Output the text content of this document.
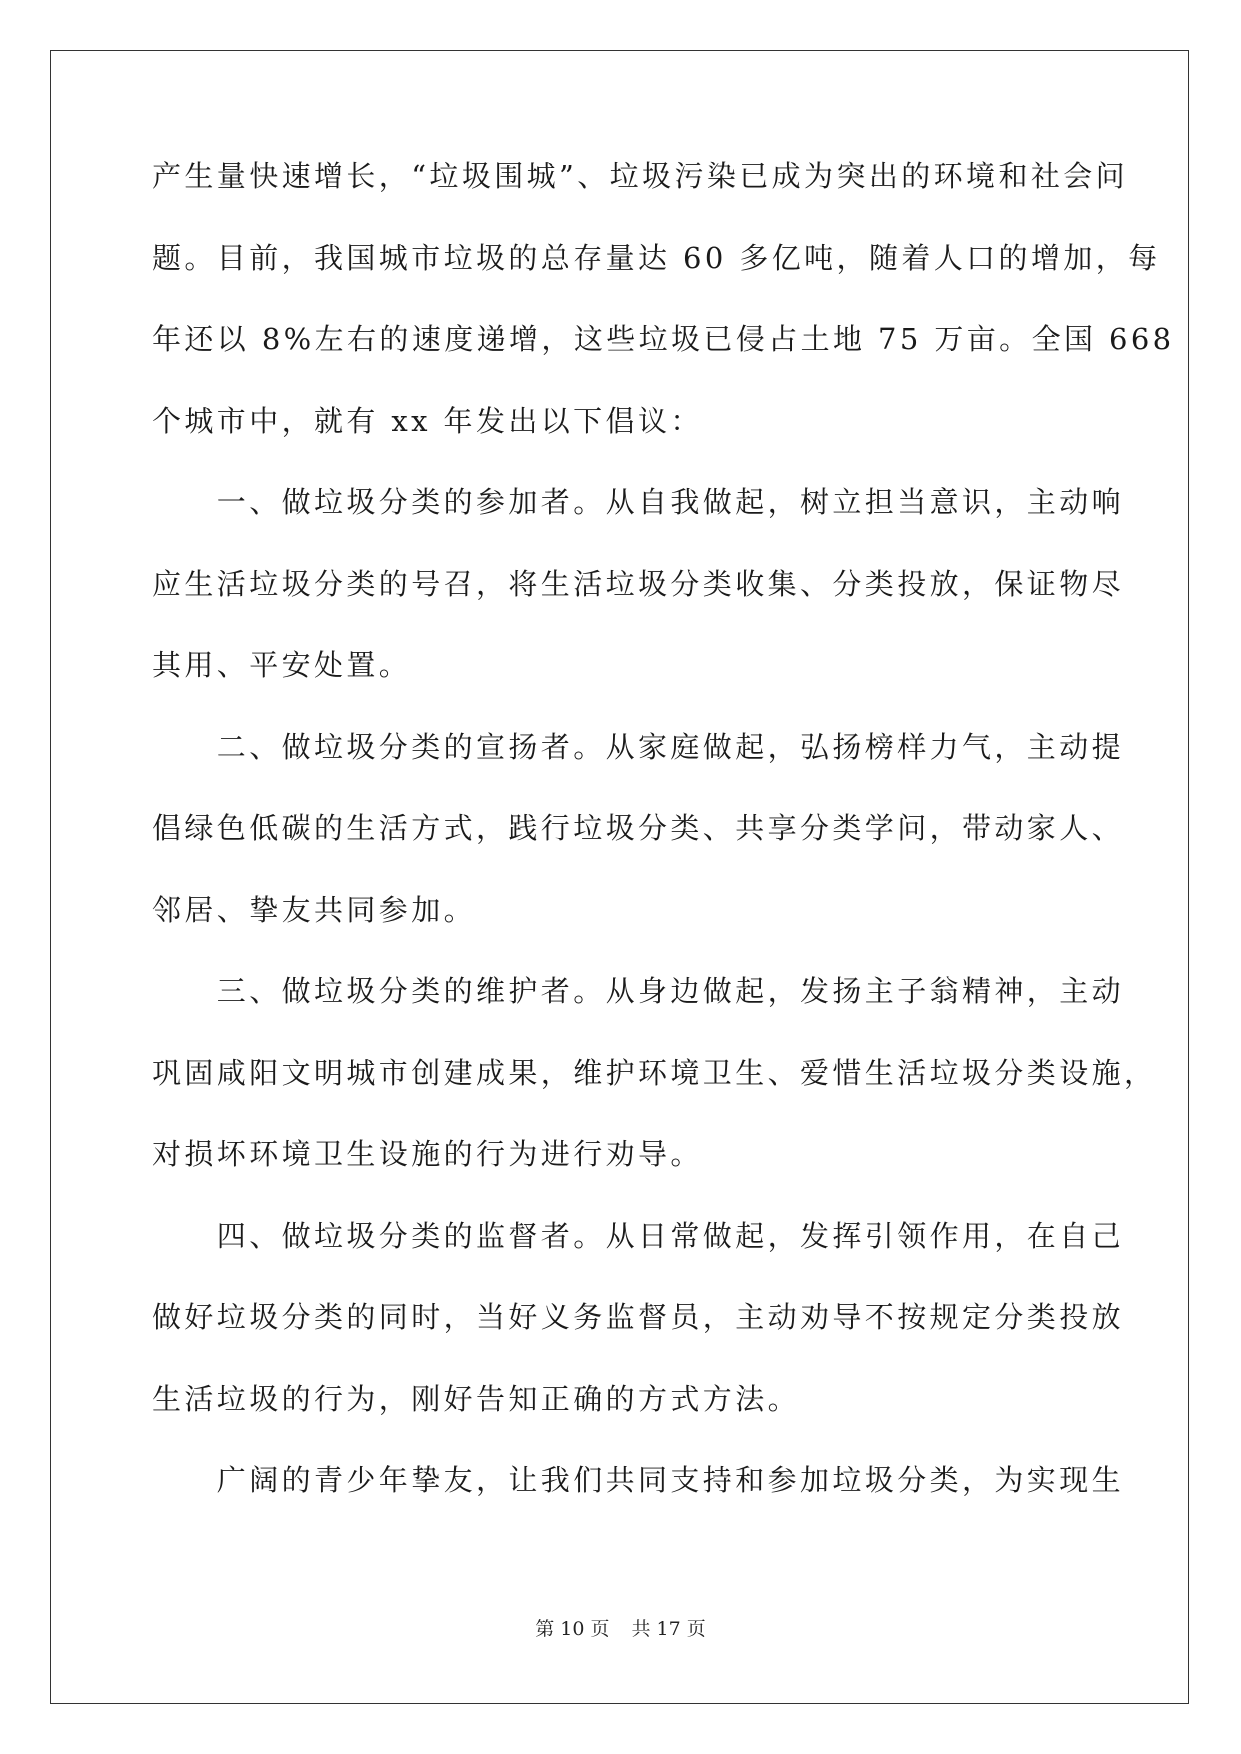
产生量快速增长，“垃圾围城”、垃圾污染已成为突出的环境和社会问
题。目前，我国城市垃圾的总存量达 60 多亿吨，随着人口的增加，每
年还以 8%左右的速度递增，这些垃圾已侵占土地 75 万亩。全国 668
个城市中，就有 xx 年发出以下倡议：
　　一、做垃圾分类的参加者。从自我做起，树立担当意识，主动响
应生活垃圾分类的号召，将生活垃圾分类收集、分类投放，保证物尽
其用、平安处置。
　　二、做垃圾分类的宣扬者。从家庭做起，弘扬榜样力气，主动提
倡绿色低碳的生活方式，践行垃圾分类、共享分类学问，带动家人、
邻居、挚友共同参加。
　　三、做垃圾分类的维护者。从身边做起，发扬主子翁精神，主动
巩固咸阳文明城市创建成果，维护环境卫生、爱惜生活垃圾分类设施，
对损坏环境卫生设施的行为进行劝导。
　　四、做垃圾分类的监督者。从日常做起，发挥引领作用，在自己
做好垃圾分类的同时，当好义务监督员，主动劝导不按规定分类投放
生活垃圾的行为，刚好告知正确的方式方法。
　　广阔的青少年挚友，让我们共同支持和参加垃圾分类，为实现生
第 10 页 共 17 页
